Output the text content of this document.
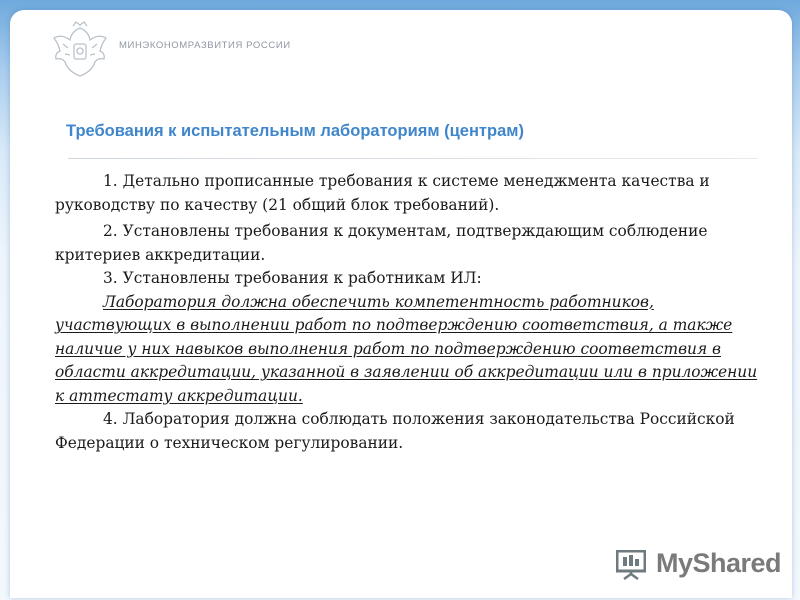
МИНЭКОНОМРАЗВИТИЯ РОССИИ
Требования к испытательным лабораториям (центрам)

1. Детально прописанные требования к системе менеджмента качества и руководству по качеству (21 общий блок требований).

2. Установлены требования к документам, подтверждающим соблюдение критериев аккредитации.

3. Установлены требования к работникам ИЛ:

Лаборатория должна обеспечить компетентность работников, участвующих в выполнении работ по подтверждению соответствия, а также наличие у них навыков выполнения работ по подтверждению соответствия в области аккредитации, указанной в заявлении об аккредитации или в приложении к аттестату аккредитации.

4. Лаборатория должна соблюдать положения законодательства Российской Федерации о техническом регулировании.

MyShared
